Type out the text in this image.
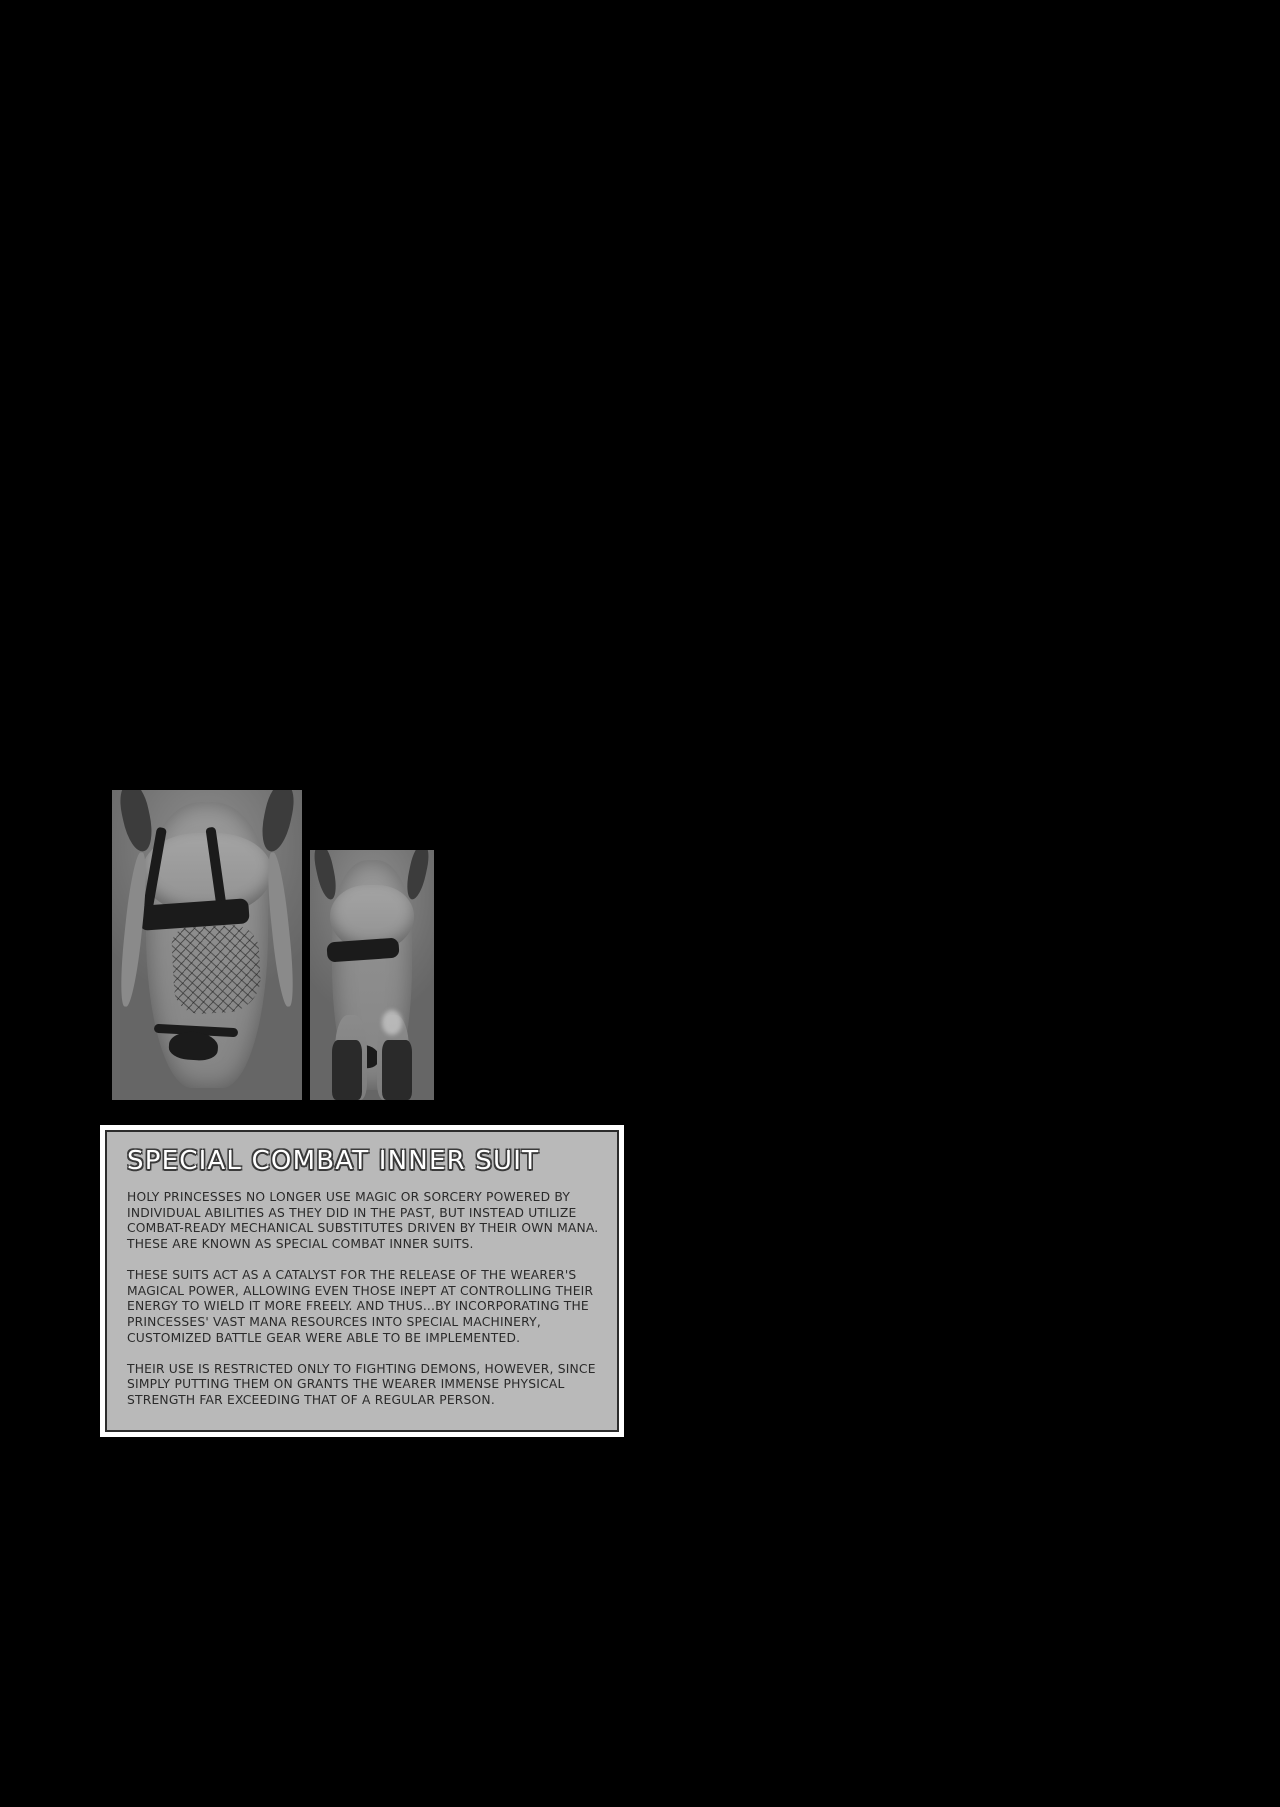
SPECIAL COMBAT INNER SUIT

HOLY PRINCESSES NO LONGER USE MAGIC OR SORCERY POWERED BY INDIVIDUAL ABILITIES AS THEY DID IN THE PAST, BUT INSTEAD UTILIZE COMBAT-READY MECHANICAL SUBSTITUTES DRIVEN BY THEIR OWN MANA. THESE ARE KNOWN AS SPECIAL COMBAT INNER SUITS.

THESE SUITS ACT AS A CATALYST FOR THE RELEASE OF THE WEARER'S MAGICAL POWER, ALLOWING EVEN THOSE INEPT AT CONTROLLING THEIR ENERGY TO WIELD IT MORE FREELY. AND THUS...BY INCORPORATING THE PRINCESSES' VAST MANA RESOURCES INTO SPECIAL MACHINERY, CUSTOMIZED BATTLE GEAR WERE ABLE TO BE IMPLEMENTED.

THEIR USE IS RESTRICTED ONLY TO FIGHTING DEMONS, HOWEVER, SINCE SIMPLY PUTTING THEM ON GRANTS THE WEARER IMMENSE PHYSICAL STRENGTH FAR EXCEEDING THAT OF A REGULAR PERSON.
